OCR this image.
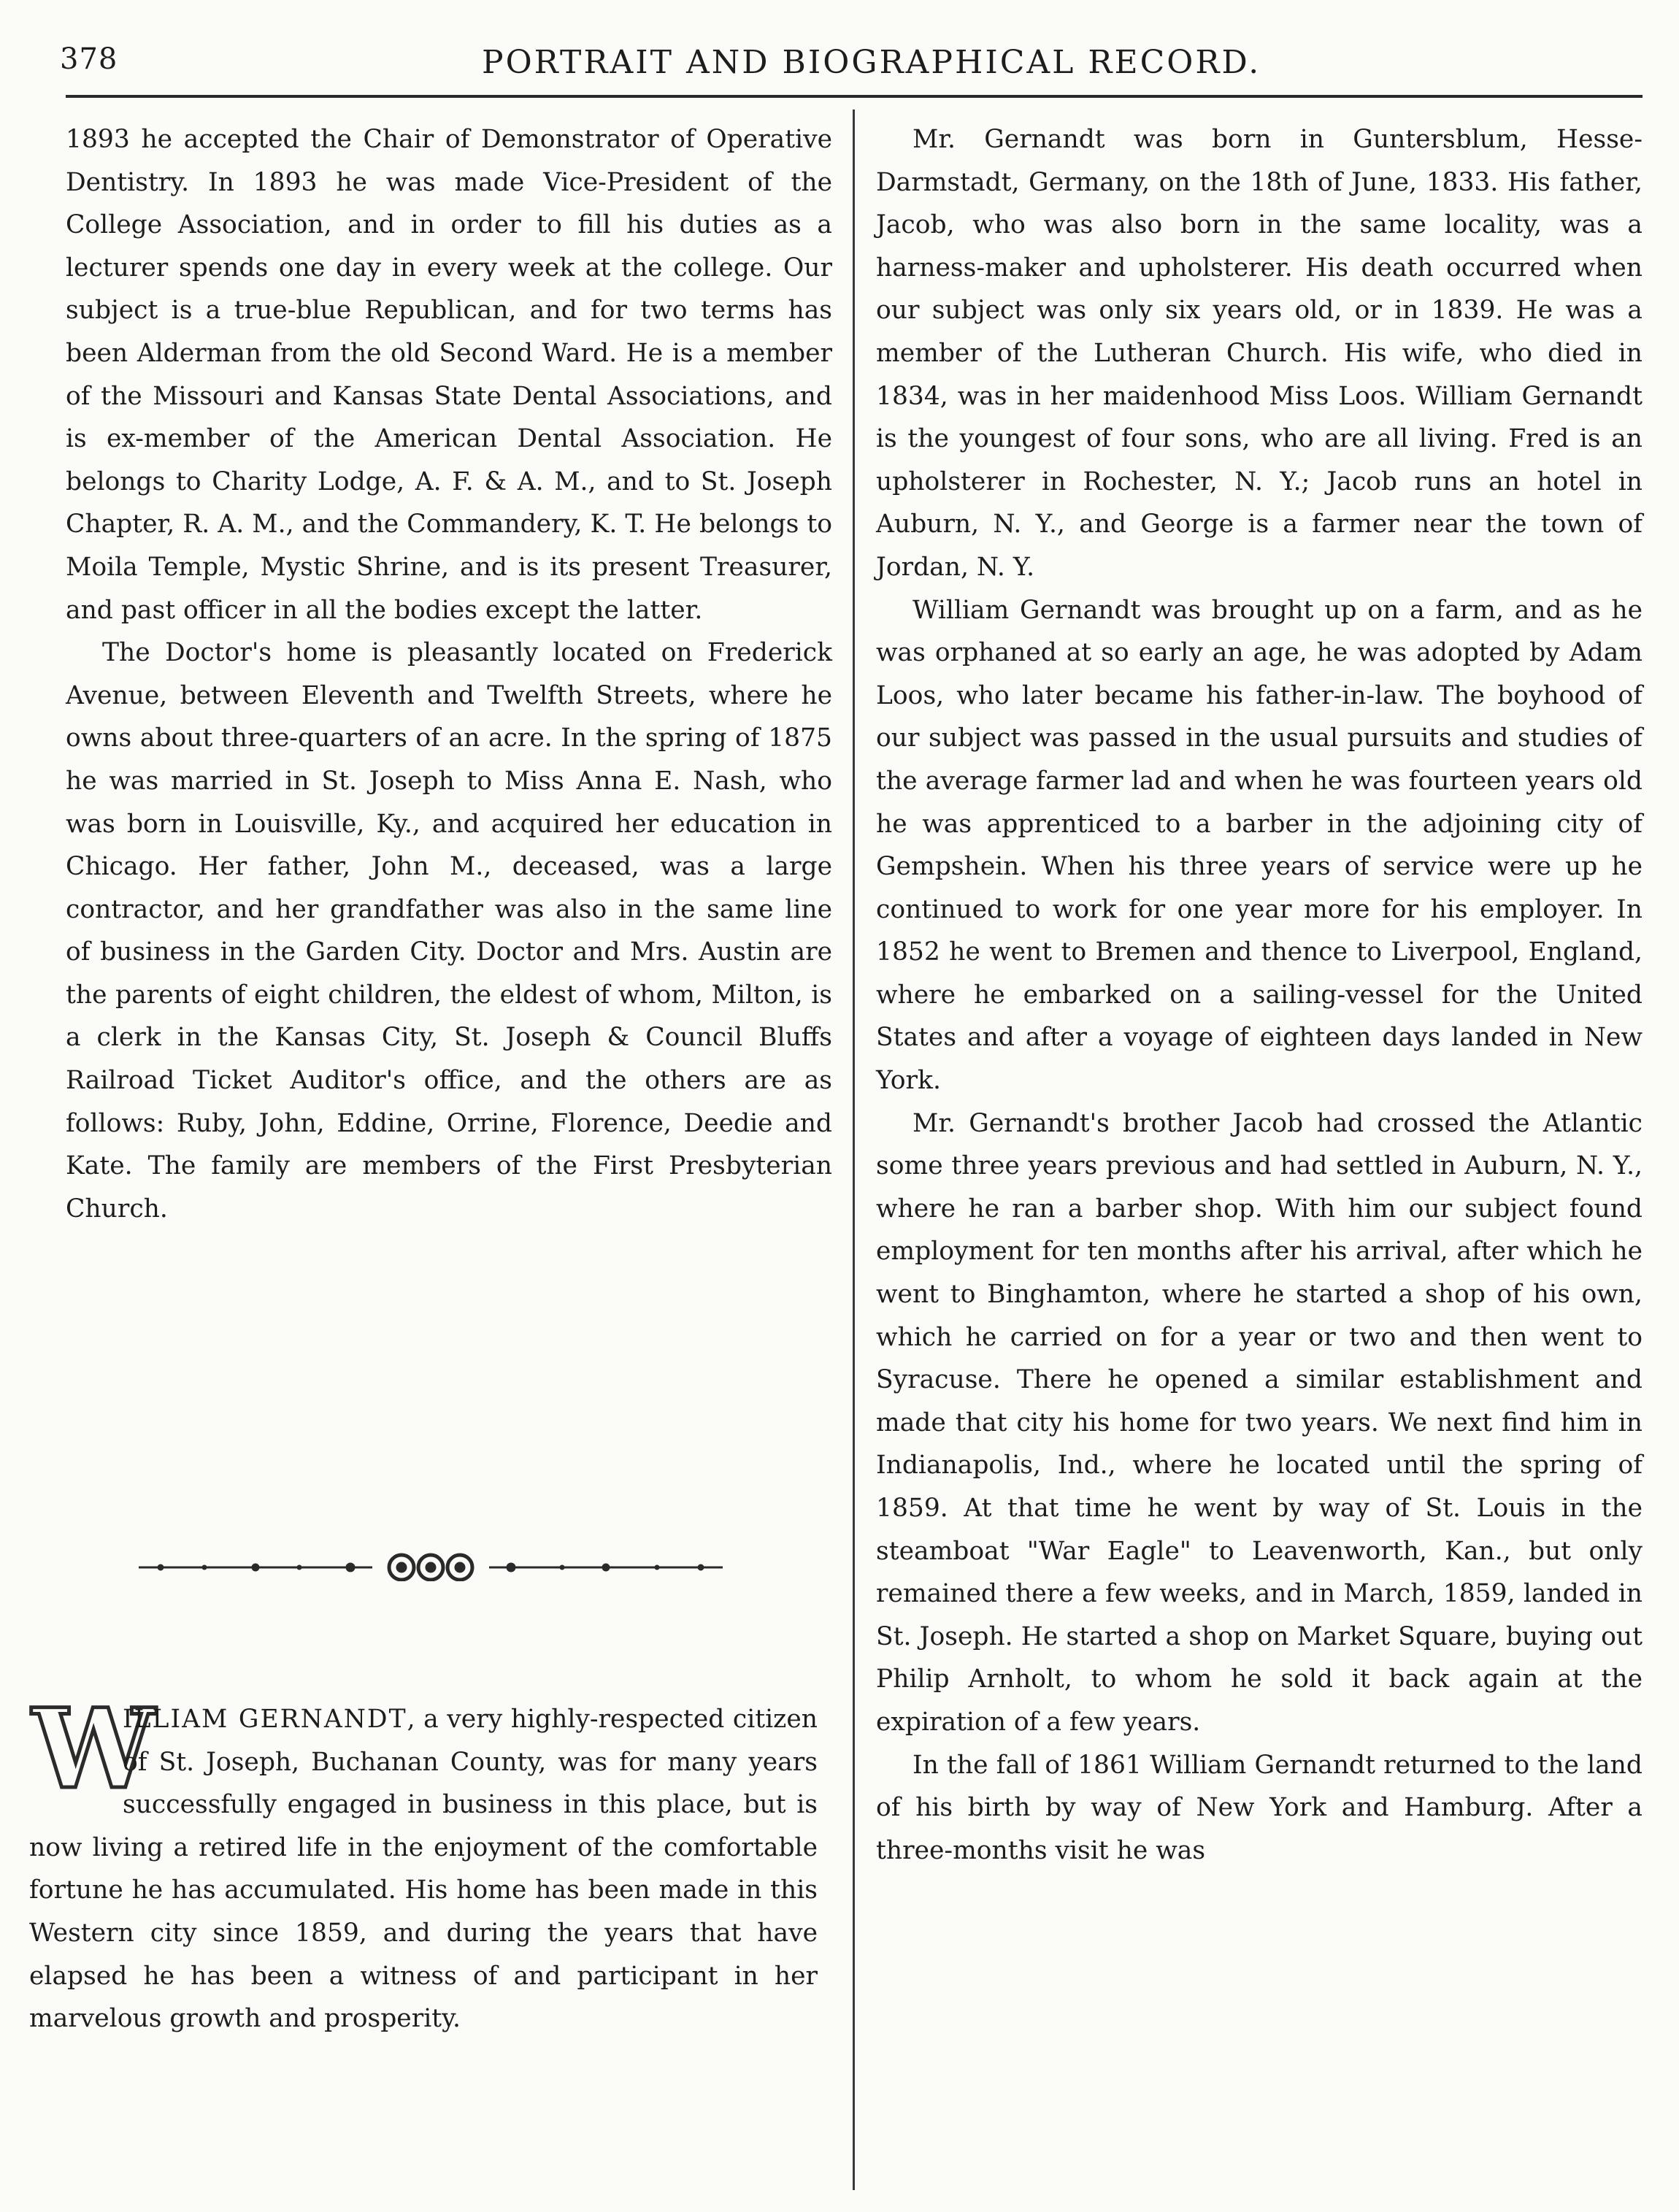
378	PORTRAIT AND BIOGRAPHICAL RECORD.

1893 he accepted the Chair of Demonstrator of Operative Dentistry. In 1893 he was made Vice-President of the College Association, and in order to fill his duties as a lecturer spends one day in every week at the college. Our subject is a true-blue Republican, and for two terms has been Alderman from the old Second Ward. He is a member of the Missouri and Kansas State Dental Associations, and is ex-member of the American Dental Association. He belongs to Charity Lodge, A. F. & A. M., and to St. Joseph Chapter, R. A. M., and the Commandery, K. T. He belongs to Moila Temple, Mystic Shrine, and is its present Treasurer, and past officer in all the bodies except the latter.

The Doctor's home is pleasantly located on Frederick Avenue, between Eleventh and Twelfth Streets, where he owns about three-quarters of an acre. In the spring of 1875 he was married in St. Joseph to Miss Anna E. Nash, who was born in Louisville, Ky., and acquired her education in Chicago. Her father, John M., deceased, was a large contractor, and her grandfather was also in the same line of business in the Garden City. Doctor and Mrs. Austin are the parents of eight children, the eldest of whom, Milton, is a clerk in the Kansas City, St. Joseph & Council Bluffs Railroad Ticket Auditor's office, and the others are as follows: Ruby, John, Eddine, Orrine, Florence, Deedie and Kate. The family are members of the First Presbyterian Church.

W

ILLIAM GERNANDT, a very highly-respected citizen of St. Joseph, Buchanan County, was for many years successfully engaged in business in this place, but is now living a retired life in the enjoyment of the comfortable fortune he has accumulated. His home has been made in this Western city since 1859, and during the years that have elapsed he has been a witness of and participant in her marvelous growth and prosperity.

Mr. Gernandt was born in Guntersblum, Hesse-Darmstadt, Germany, on the 18th of June, 1833. His father, Jacob, who was also born in the same locality, was a harness-maker and upholsterer. His death occurred when our subject was only six years old, or in 1839. He was a member of the Lutheran Church. His wife, who died in 1834, was in her maidenhood Miss Loos. William Gernandt is the youngest of four sons, who are all living. Fred is an upholsterer in Rochester, N. Y.; Jacob runs an hotel in Auburn, N. Y., and George is a farmer near the town of Jordan, N. Y.

William Gernandt was brought up on a farm, and as he was orphaned at so early an age, he was adopted by Adam Loos, who later became his father-in-law. The boyhood of our subject was passed in the usual pursuits and studies of the average farmer lad and when he was fourteen years old he was apprenticed to a barber in the adjoining city of Gempshein. When his three years of service were up he continued to work for one year more for his employer. In 1852 he went to Bremen and thence to Liverpool, England, where he embarked on a sailing-vessel for the United States and after a voyage of eighteen days landed in New York.

Mr. Gernandt's brother Jacob had crossed the Atlantic some three years previous and had settled in Auburn, N. Y., where he ran a barber shop. With him our subject found employment for ten months after his arrival, after which he went to Binghamton, where he started a shop of his own, which he carried on for a year or two and then went to Syracuse. There he opened a similar establishment and made that city his home for two years. We next find him in Indianapolis, Ind., where he located until the spring of 1859. At that time he went by way of St. Louis in the steamboat "War Eagle" to Leavenworth, Kan., but only remained there a few weeks, and in March, 1859, landed in St. Joseph. He started a shop on Market Square, buying out Philip Arnholt, to whom he sold it back again at the expiration of a few years.

In the fall of 1861 William Gernandt returned to the land of his birth by way of New York and Hamburg. After a three-months visit he was
